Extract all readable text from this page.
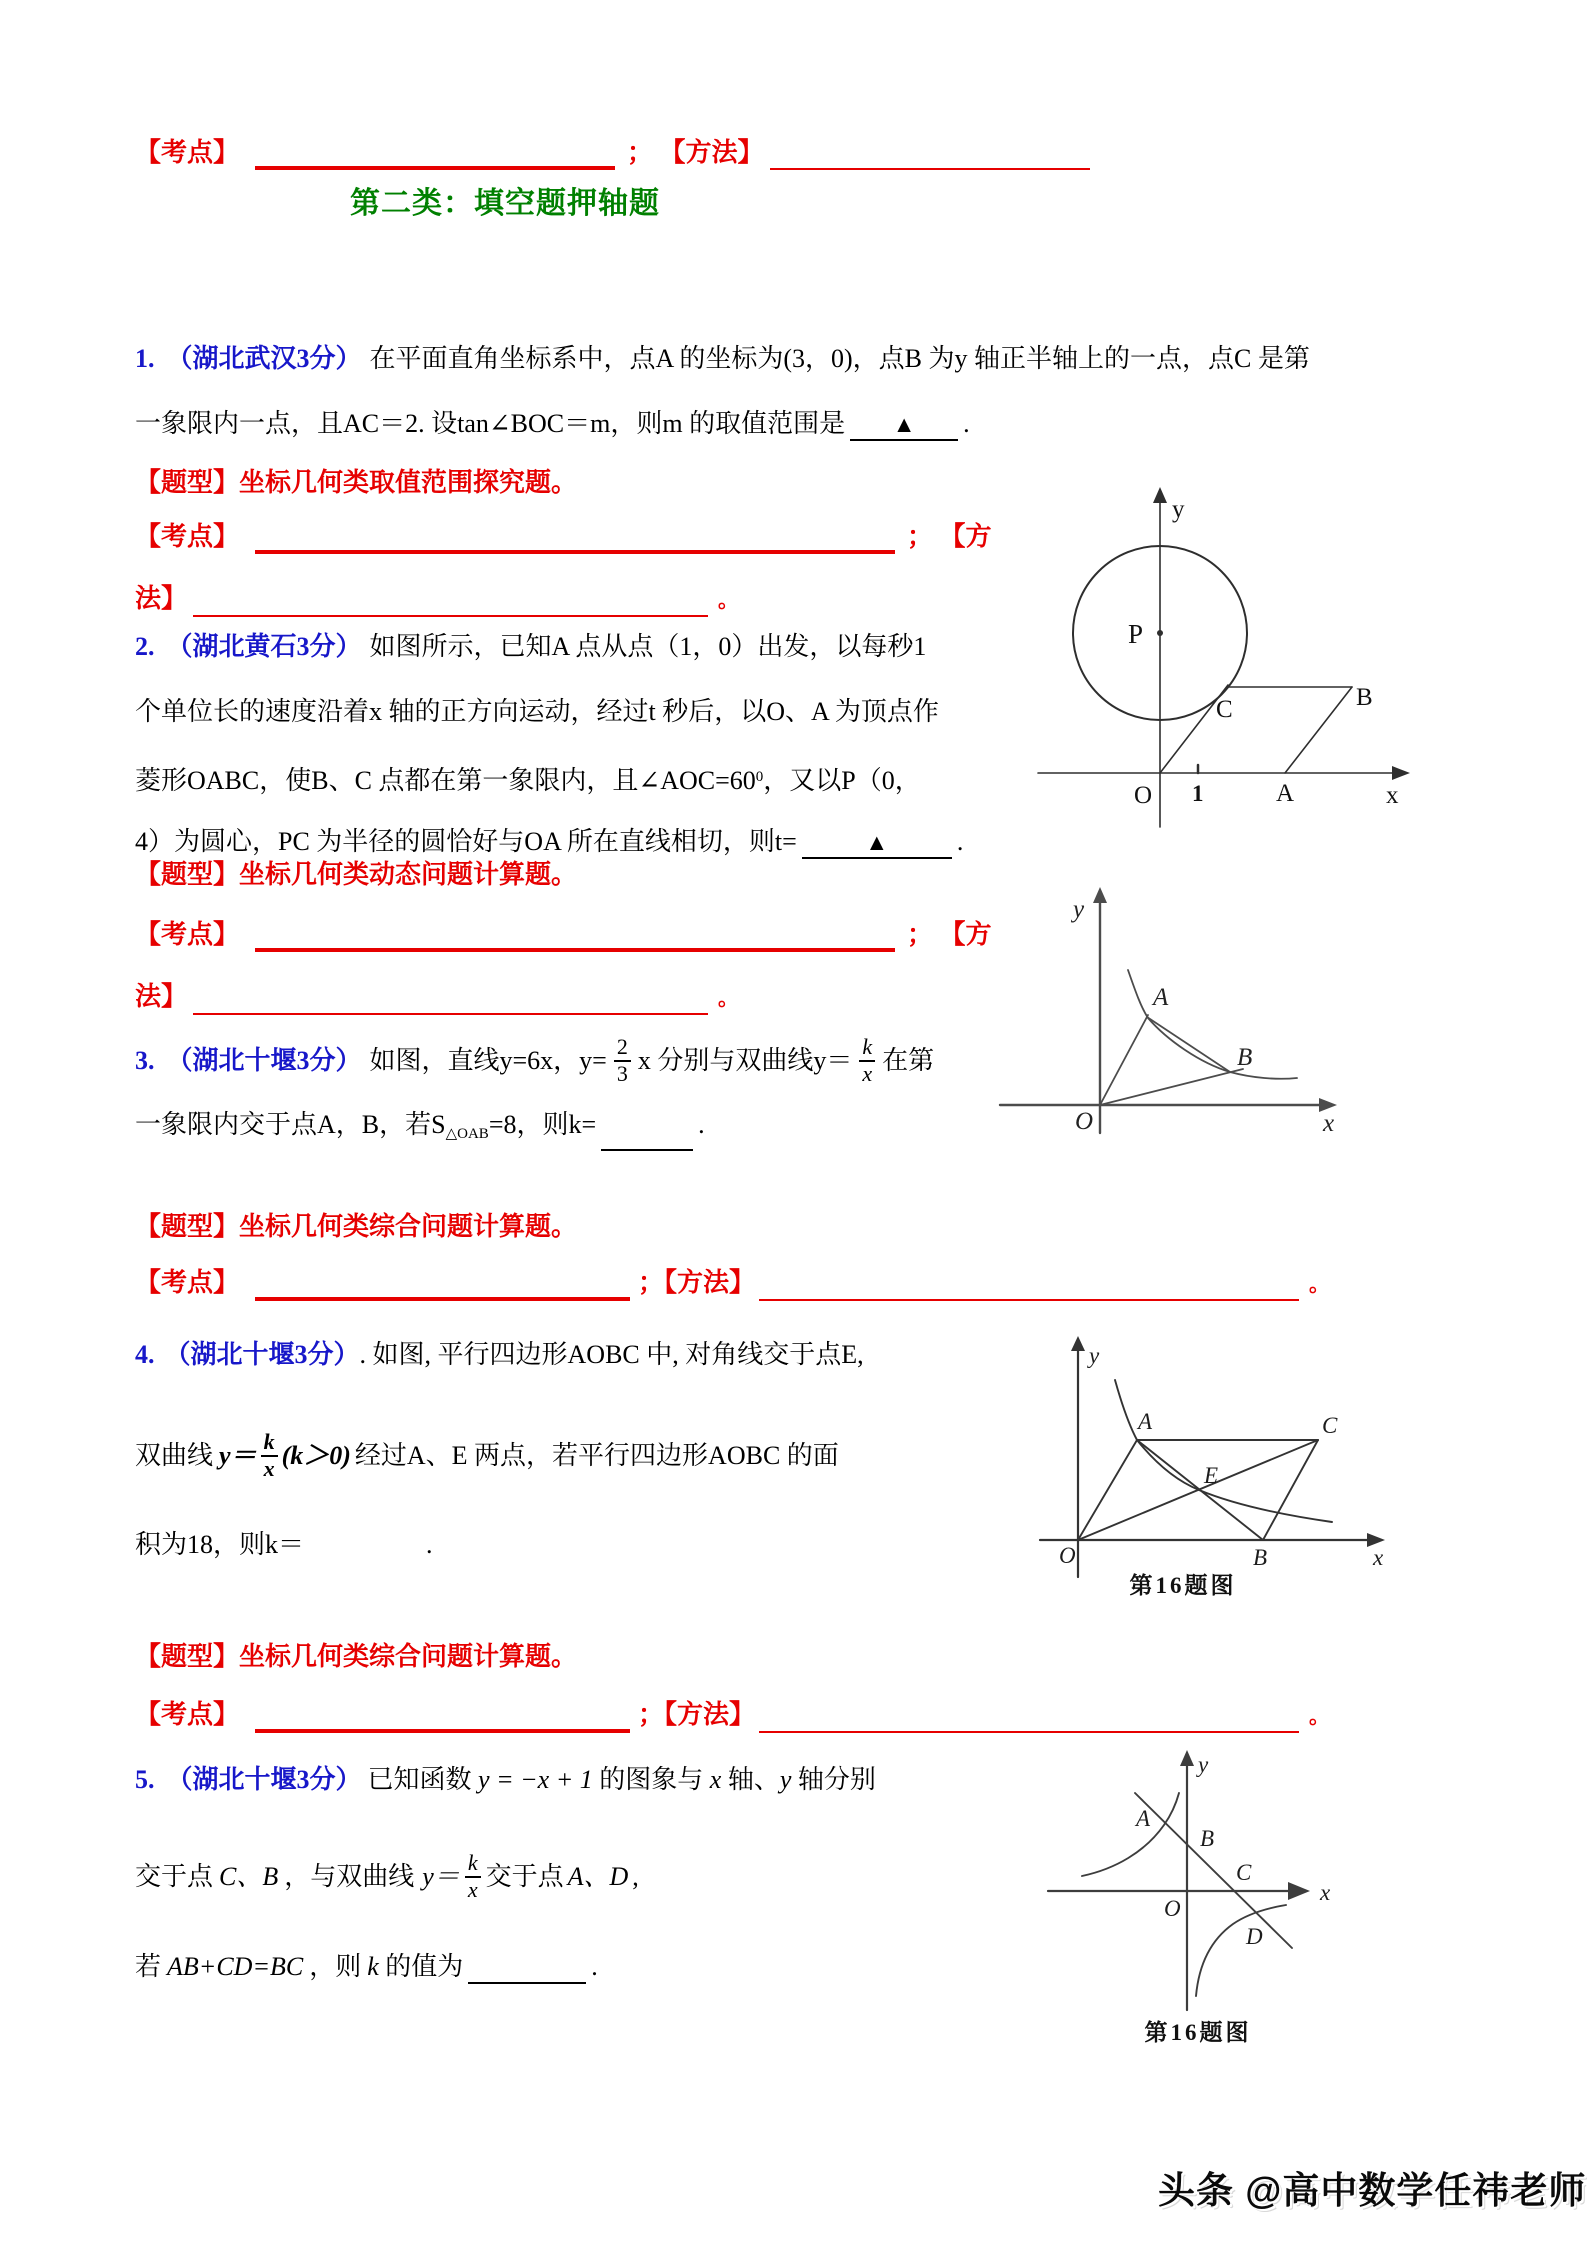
【考点】	； 【方法】
第二类：填空题押轴题
1. （湖北武汉3分） 在平面直角坐标系中，点A 的坐标为(3，0)，点B 为y 轴正半轴上的一点，点C 是第
一象限内一点，且AC＝2. 设tan∠BOC＝m，则m 的取值范围是 ▲ .
【题型】坐标几何类取值范围探究题。
【考点】	； 【方
法】	。
2. （湖北黄石3分） 如图所示，已知A 点从点（1，0）出发，以每秒1
个单位长的速度沿着x 轴的正方向运动，经过t 秒后，以O、A 为顶点作
菱形OABC，使B、C 点都在第一象限内，且$\angle AOC=60^0$，又以P（0，
4）为圆心，PC 为半径的圆恰好与OA 所在直线相切，则t=	▲	.
y
P
C	B
O 1	A	x
【题型】坐标几何类动态问题计算题。
【考点】	； 【方
法】	。
y
A
B
O	x
3. （湖北十堰3分） 如图，直线y=6x，$y= \frac{2}{3}$ x 分别与双曲线$y= \frac{k}{x}$ 在第
一象限内交于点A，B，若$S_{\triangle OAB}=8$，则k=	.
【题型】坐标几何类综合问题计算题。
【考点】	；【方法】	。
4. （湖北十堰3分）. 如图, 平行四边形AOBC 中, 对角线交于点E,
双曲线 $y= \frac{k}{x} (k>0)$ 经过A、E 两点，若平行四边形AOBC 的面
积为18，则k＝	.
y
A	C
E
O	B	x
第16题图
【题型】坐标几何类综合问题计算题。
【考点】	；【方法】	。
5. （湖北十堰3分） 已知函数 y = −x + 1 的图象与 x 轴、y 轴分别
交于点 C、B ，与双曲线 $y= \frac{k}{x}$ 交于点 A、D ,
若 AB+CD=BC ，则 k 的值为	.
y
A
B
C
O
D
x
第16题图
头条 @高中数学任祎老师
